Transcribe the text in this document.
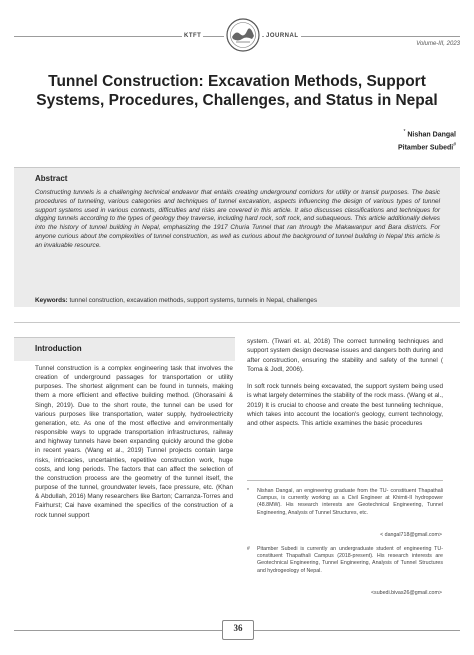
KTFT	JOURNAL
Volume-III, 2023
Tunnel Construction: Excavation Methods, Support
Systems, Procedures, Challenges, and Status in Nepal
* Nishan Dangal
Pitamber Subedi#
Abstract
Constructing tunnels is a challenging technical endeavor that entails creating underground corridors for utility or transit purposes. The basic procedures of tunneling, various categories and techniques of tunnel excavation, aspects influencing the design of various types of tunnel support systems used in various contexts, difficulties and risks are covered in this article. It also discusses classifications and techniques for digging tunnels according to the types of geology they traverse, including hard rock, soft rock, and subaqueous. This article additionally delves into the history of tunnel building in Nepal, emphasizing the 1917 Churia Tunnel that ran through the Makawanpur and Bara districts. For anyone curious about the complexities of tunnel construction, as well as curious about the background of tunnel building in Nepal this article is an invaluable resource.
Keywords: tunnel construction, excavation methods, support systems, tunnels in Nepal, challenges
Introduction
Tunnel construction is a complex engineering task that involves the creation of underground passages for transportation or utility purposes. The shortest alignment can be found in tunnels, making them a more efficient and effective building method. (Ghorasaini & Singh, 2019). Due to the short route, the tunnel can be used for various purposes like transportation, water supply, hydroelectricity generation, etc. As one of the most effective and environmentally responsible ways to upgrade transportation infrastructures, railway and highway tunnels have been expanding quickly around the globe in recent years. (Wang et al., 2019) Tunnel projects contain large risks, intricacies, uncertainties, repetitive construction work, huge costs, and long periods. The factors that can affect the selection of the construction process are the geometry of the tunnel itself, the purpose of the tunnel, groundwater levels, face pressure, etc. (Khan & Abdullah, 2016) Many researchers like Barton; Carranza-Torres and Fairhurst; Cai have examined the specifics of the construction of a rock tunnel support

system. (Tiwari et. al, 2018) The correct tunneling techniques and support system design decrease issues and dangers both during and after construction, ensuring the stability and safety of the tunnel ( Toma & Jodl, 2006).

In soft rock tunnels being excavated, the support system being used is what largely determines the stability of the rock mass. (Wang et al., 2019) It is crucial to choose and create the best tunneling technique, which takes into account the location's geology, current technology, and other aspects. This article examines the basic procedures

* Nishan Dangal, an engineering graduate from the TU- constituent Thapathali Campus, is currently working as a Civil Engineer at Khimti-II hydropower (48.8MW). His research interests are Geotechnical Engineering, Tunnel Engineering, Analysis of Tunnel Structures, etc.
< dangal718@gmail.com>
# Pitamber Subedi is currently an undergraduate student of engineering TU- constituent Thapathali Campus (2018-present). His research interests are Geotechnical Engineering, Tunnel Engineering, Analysis of Tunnel Structures and hydrogeology of Nepal.
<subedi.bivas26@gmail.com>
36
